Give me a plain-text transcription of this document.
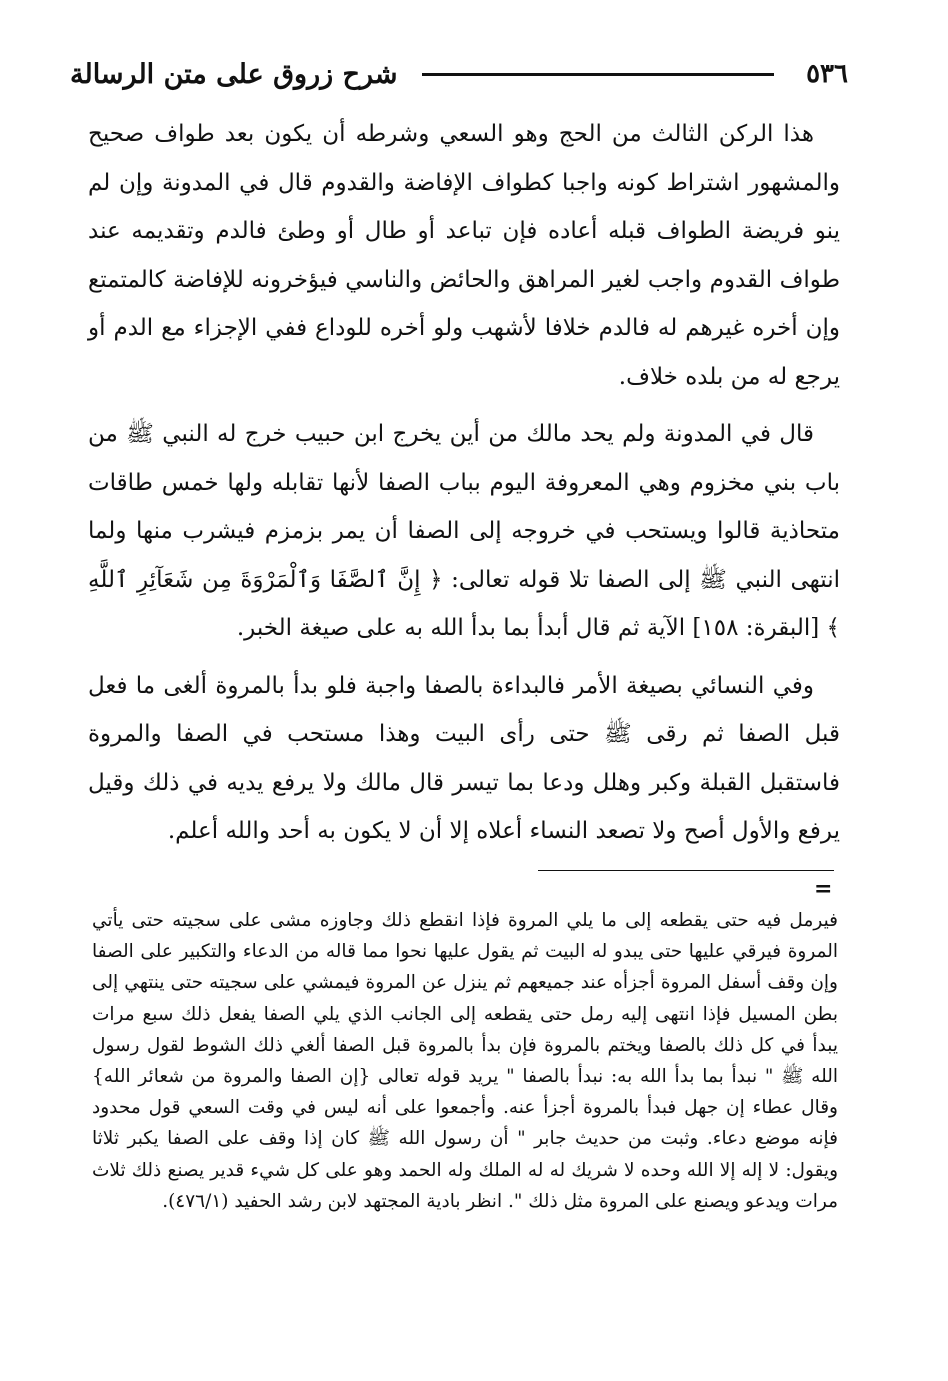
٥٣٦
شرح زروق على متن الرسالة

هذا الركن الثالث من الحج وهو السعي وشرطه أن يكون بعد طواف صحيح والمشهور اشتراط كونه واجبا كطواف الإفاضة والقدوم قال في المدونة وإن لم ينو فريضة الطواف قبله أعاده فإن تباعد أو طال أو وطئ فالدم وتقديمه عند طواف القدوم واجب لغير المراهق والحائض والناسي فيؤخرونه للإفاضة كالمتمتع وإن أخره غيرهم له فالدم خلافا لأشهب ولو أخره للوداع ففي الإجزاء مع الدم أو يرجع له من بلده خلاف.

قال في المدونة ولم يحد مالك من أين يخرج ابن حبيب خرج له النبي ﷺ من باب بني مخزوم وهي المعروفة اليوم بباب الصفا لأنها تقابله ولها خمس طاقات متحاذية قالوا ويستحب في خروجه إلى الصفا أن يمر بزمزم فيشرب منها ولما انتهى النبي ﷺ إلى الصفا تلا قوله تعالى: ﴿ إِنَّ ٱلصَّفَا وَٱلْمَرْوَةَ مِن شَعَآئِرِ ٱللَّهِ ﴾ [البقرة: ١٥٨] الآية ثم قال أبدأ بما بدأ الله به على صيغة الخبر.

وفي النسائي بصيغة الأمر فالبداءة بالصفا واجبة فلو بدأ بالمروة ألغى ما فعل قبل الصفا ثم رقى ﷺ حتى رأى البيت وهذا مستحب في الصفا والمروة فاستقبل القبلة وكبر وهلل ودعا بما تيسر قال مالك ولا يرفع يديه في ذلك وقيل يرفع والأول أصح ولا تصعد النساء أعلاه إلا أن لا يكون به أحد والله أعلم.

=

فيرمل فيه حتى يقطعه إلى ما يلي المروة فإذا انقطع ذلك وجاوزه مشى على سجيته حتى يأتي المروة فيرقي عليها حتى يبدو له البيت ثم يقول عليها نحوا مما قاله من الدعاء والتكبير على الصفا وإن وقف أسفل المروة أجزأه عند جميعهم ثم ينزل عن المروة فيمشي على سجيته حتى ينتهي إلى بطن المسيل فإذا انتهى إليه رمل حتى يقطعه إلى الجانب الذي يلي الصفا يفعل ذلك سبع مرات يبدأ في كل ذلك بالصفا ويختم بالمروة فإن بدأ بالمروة قبل الصفا ألغي ذلك الشوط لقول رسول الله ﷺ " نبدأ بما بدأ الله به: نبدأ بالصفا " يريد قوله تعالى {إن الصفا والمروة من شعائر الله} وقال عطاء إن جهل فبدأ بالمروة أجزأ عنه. وأجمعوا على أنه ليس في وقت السعي قول محدود فإنه موضع دعاء. وثبت من حديث جابر " أن رسول الله ﷺ كان إذا وقف على الصفا يكبر ثلاثا ويقول: لا إله إلا الله وحده لا شريك له له الملك وله الحمد وهو على كل شيء قدير يصنع ذلك ثلاث مرات ويدعو ويصنع على المروة مثل ذلك ". انظر بادية المجتهد لابن رشد الحفيد (٤٧٦/١).
